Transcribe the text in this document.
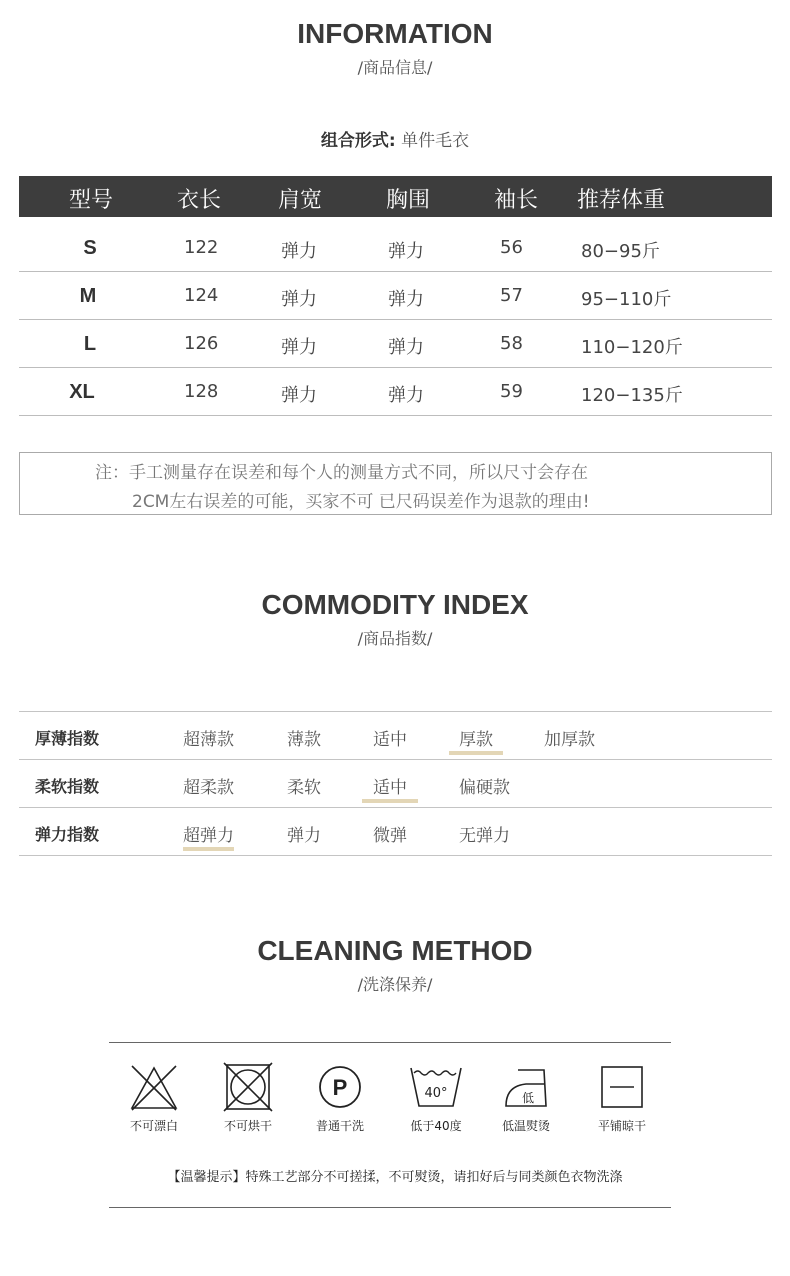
INFORMATION
/商品信息/
组合形式: 单件毛衣
型号	衣长	肩宽	胸围	袖长 推荐体重
S	122	弹力	弹力	56	80−95斤
M	124	弹力	弹力	57	95−110斤
L	126	弹力	弹力	58	110−120斤
XL	128	弹力	弹力	59	120−135斤
注：手工测量存在误差和每个人的测量方式不同，所以尺寸会存在
2CM左右误差的可能，买家不可 已尺码误差作为退款的理由!
COMMODITY INDEX
/商品指数/
厚薄指数	超薄款	薄款	适中	厚款	加厚款
柔软指数	超柔款	柔软	适中	偏硬款
弹力指数	超弹力	弹力	微弹	无弹力
CLEANING METHOD
/洗涤保养/
不可漂白	不可烘干
P
普通干洗
40°
低于40度
低
低温熨烫	平铺晾干
【温馨提示】特殊工艺部分不可搓揉，不可熨烫，请扣好后与同类颜色衣物洗涤
